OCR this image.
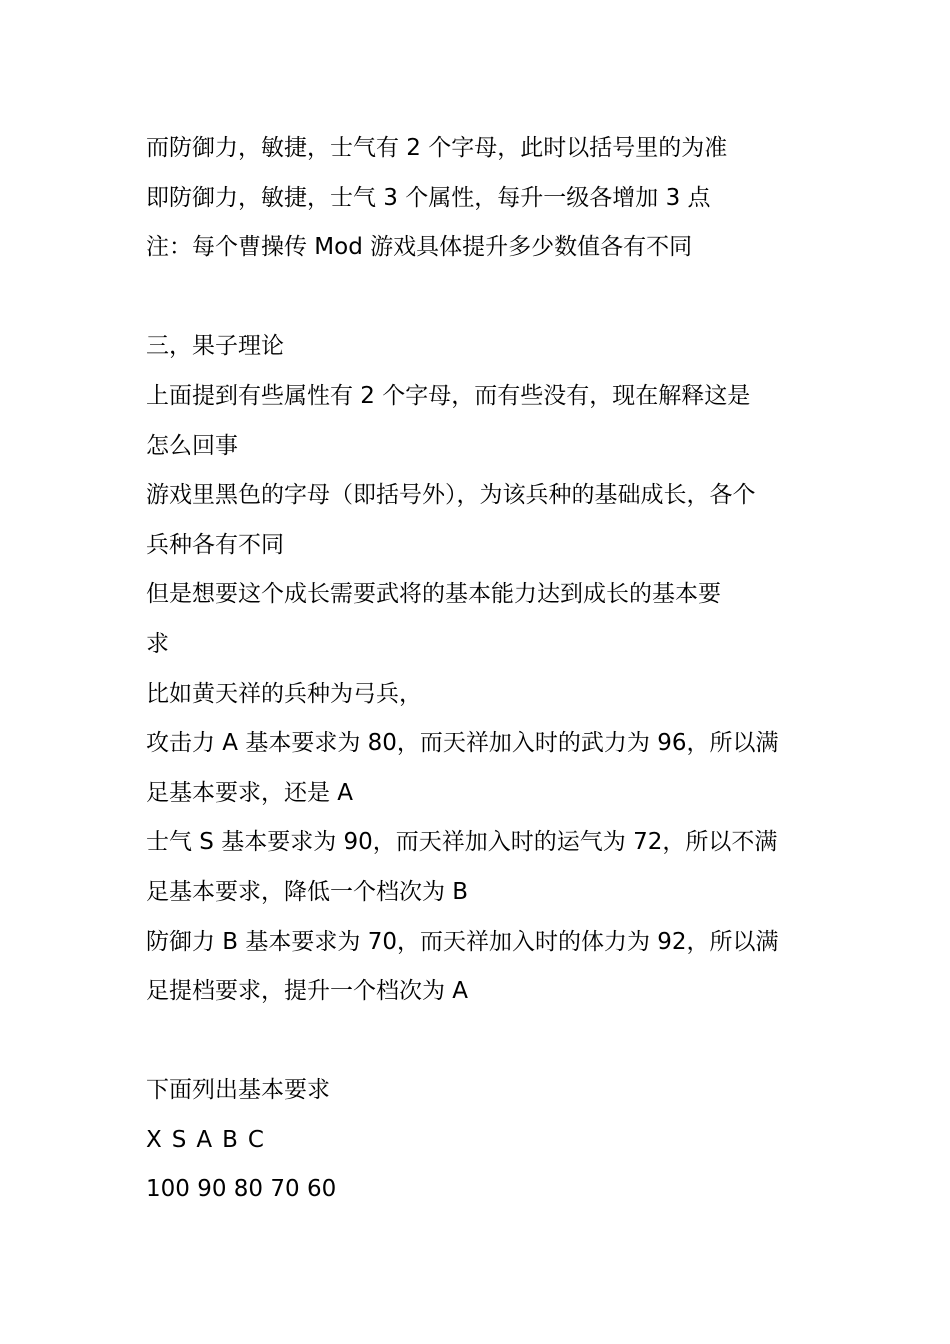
而防御力，敏捷，士气有 2 个字母，此时以括号里的为准
即防御力，敏捷，士气 3 个属性，每升一级各增加 3 点
注：每个曹操传 Mod 游戏具体提升多少数值各有不同
三，果子理论
上面提到有些属性有 2 个字母，而有些没有，现在解释这是
怎么回事
游戏里黑色的字母（即括号外），为该兵种的基础成长，各个
兵种各有不同
但是想要这个成长需要武将的基本能力达到成长的基本要
求
比如黄天祥的兵种为弓兵，
攻击力 A 基本要求为 80，而天祥加入时的武力为 96，所以满
足基本要求，还是 A
士气 S 基本要求为 90，而天祥加入时的运气为 72，所以不满
足基本要求，降低一个档次为 B
防御力 B 基本要求为 70，而天祥加入时的体力为 92，所以满
足提档要求，提升一个档次为 A
下面列出基本要求
X S A B C
100 90 80 70 60
